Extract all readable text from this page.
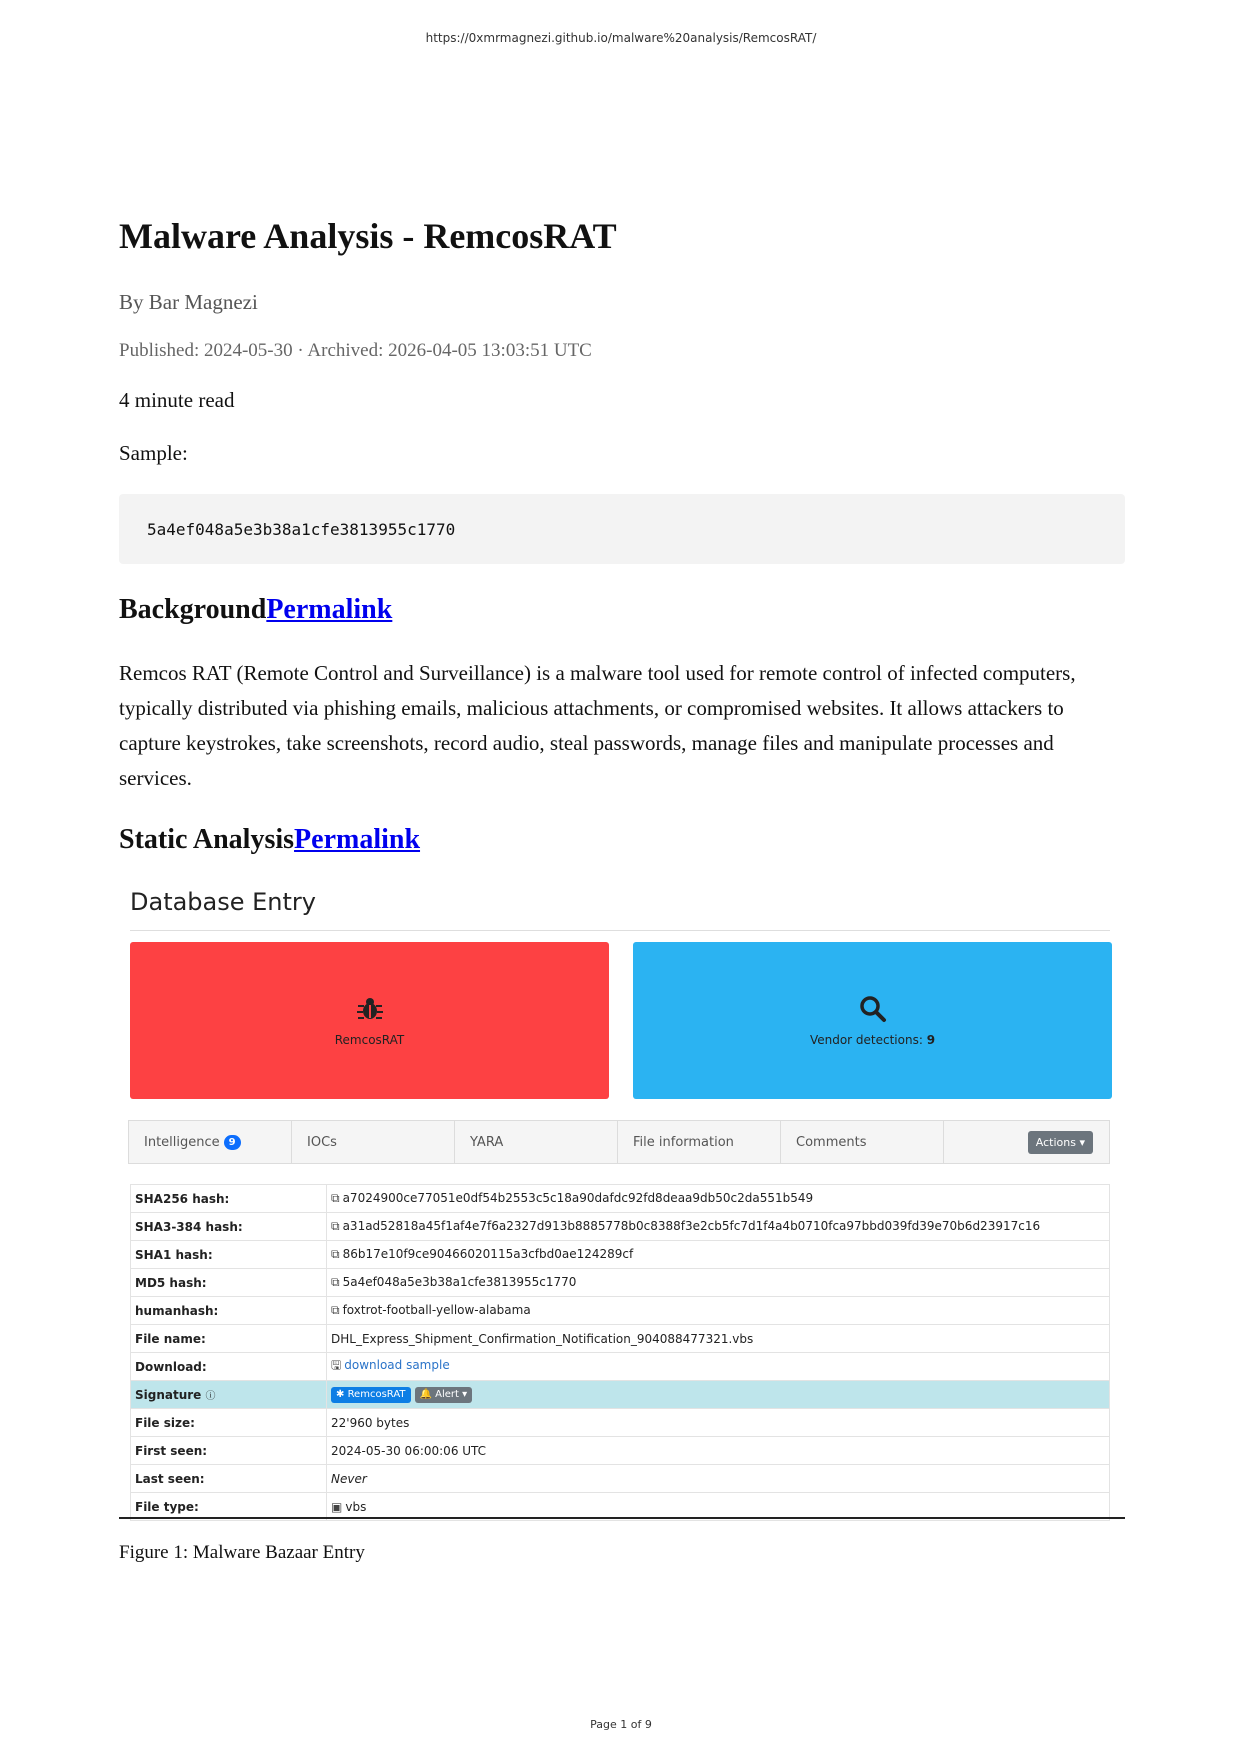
https://0xmrmagnezi.github.io/malware%20analysis/RemcosRAT/
Malware Analysis - RemcosRAT
By Bar Magnezi
Published: 2024-05-30 · Archived: 2026-04-05 13:03:51 UTC
4 minute read
Sample:
5a4ef048a5e3b38a1cfe3813955c1770
BackgroundPermalink
Remcos RAT (Remote Control and Surveillance) is a malware tool used for remote control of infected computers, typically distributed via phishing emails, malicious attachments, or compromised websites. It allows attackers to capture keystrokes, take screenshots, record audio, steal passwords, manage files and manipulate processes and services.
Static AnalysisPermalink
Database Entry
RemcosRAT	Vendor detections: 9
Intelligence 9	IOCs	YARA	File information	Comments	Actions ▾
SHA256 hash:	⧉ a7024900ce77051e0df54b2553c5c18a90dafdc92fd8deaa9db50c2da551b549
SHA3-384 hash:	⧉ a31ad52818a45f1af4e7f6a2327d913b8885778b0c8388f3e2cb5fc7d1f4a4b0710fca97bbd039fd39e70b6d23917c16
SHA1 hash:	⧉ 86b17e10f9ce90466020115a3cfbd0ae124289cf
MD5 hash:	⧉ 5a4ef048a5e3b38a1cfe3813955c1770
humanhash:	⧉ foxtrot-football-yellow-alabama
File name:	DHL_Express_Shipment_Confirmation_Notification_904088477321.vbs
Download:	🖫 download sample
Signature ⓘ	✱ RemcosRAT 🔔 Alert ▾
File size:	22'960 bytes
First seen:	2024-05-30 06:00:06 UTC
Last seen:	Never
File type:	▣ vbs
Figure 1: Malware Bazaar Entry
Page 1 of 9
